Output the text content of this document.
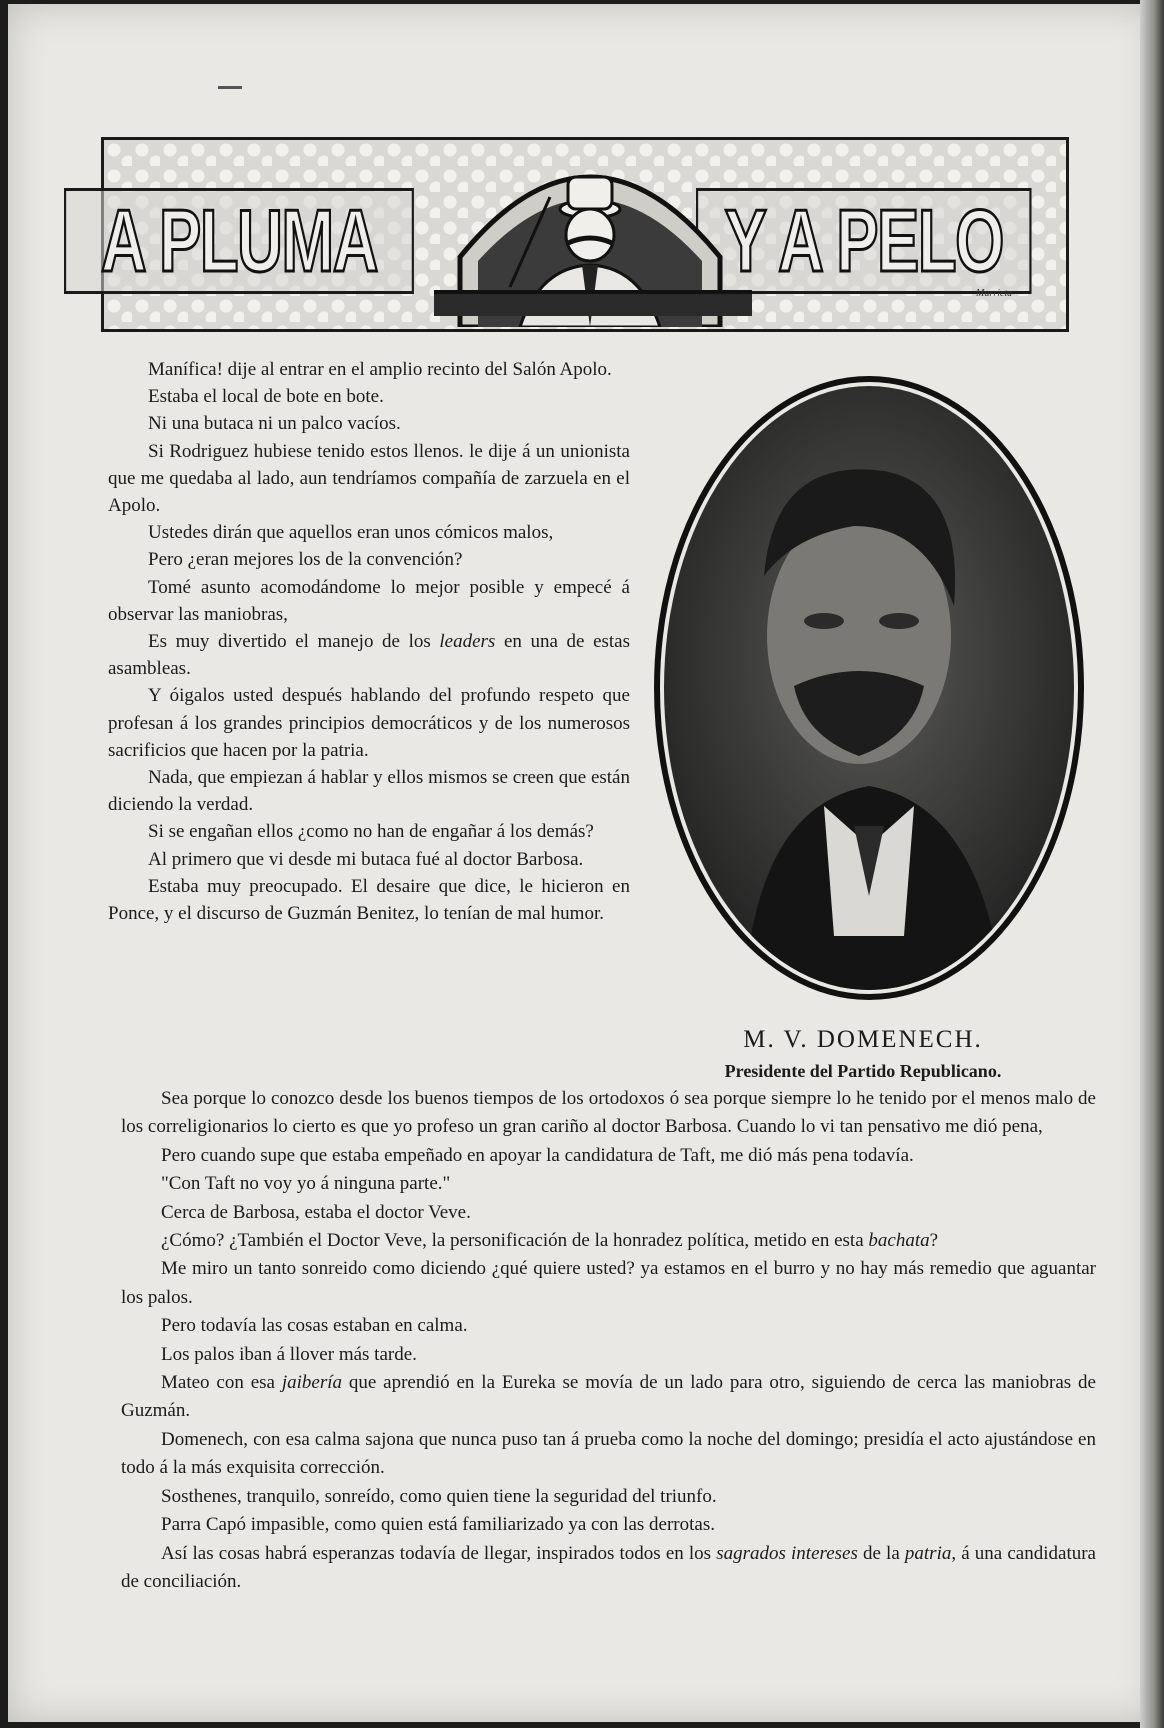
A PLUMA	Y A PELO
Murrieta

Manífica! dije al entrar en el amplio recinto del Salón Apolo.

Estaba el local de bote en bote.

Ni una butaca ni un palco vacíos.

Si Rodriguez hubiese tenido estos llenos. le dije á un unionista que me quedaba al lado, aun tendríamos compañía de zarzuela en el Apolo.

Ustedes dirán que aquellos eran unos cómicos malos,

Pero ¿eran mejores los de la convención?

Tomé asunto acomodándome lo mejor posible y empecé á observar las maniobras,

Es muy divertido el manejo de los leaders en una de estas asambleas.

Y óigalos usted después hablando del profundo respeto que profesan á los grandes principios democráticos y de los numerosos sacrificios que hacen por la patria.

Nada, que empiezan á hablar y ellos mismos se creen que están diciendo la verdad.

Si se engañan ellos ¿como no han de engañar á los demás?

Al primero que vi desde mi butaca fué al doctor Barbosa.

Estaba muy preocupado. El desaire que dice, le hicieron en Ponce, y el discurso de Guzmán Benitez, lo tenían de mal humor.

M. V. DOMENECH.
Presidente del Partido Republicano.

Sea porque lo conozco desde los buenos tiempos de los ortodoxos ó sea porque siempre lo he tenido por el menos malo de los correligionarios lo cierto es que yo profeso un gran cariño al doctor Barbosa. Cuando lo vi tan pensativo me dió pena,

Pero cuando supe que estaba empeñado en apoyar la candidatura de Taft, me dió más pena todavía.

"Con Taft no voy yo á ninguna parte."

Cerca de Barbosa, estaba el doctor Veve.

¿Cómo? ¿También el Doctor Veve, la personificación de la honradez política, metido en esta bachata?

Me miro un tanto sonreido como diciendo ¿qué quiere usted? ya estamos en el burro y no hay más remedio que aguantar los palos.

Pero todavía las cosas estaban en calma.

Los palos iban á llover más tarde.

Mateo con esa jaibería que aprendió en la Eureka se movía de un lado para otro, siguiendo de cerca las maniobras de Guzmán.

Domenech, con esa calma sajona que nunca puso tan á prueba como la noche del domingo; presidía el acto ajustándose en todo á la más exquisita corrección.

Sosthenes, tranquilo, sonreído, como quien tiene la seguridad del triunfo.

Parra Capó impasible, como quien está familiarizado ya con las derrotas.

Así las cosas habrá esperanzas todavía de llegar, inspirados todos en los sagrados intereses de la patria, á una candidatura de conciliación.
